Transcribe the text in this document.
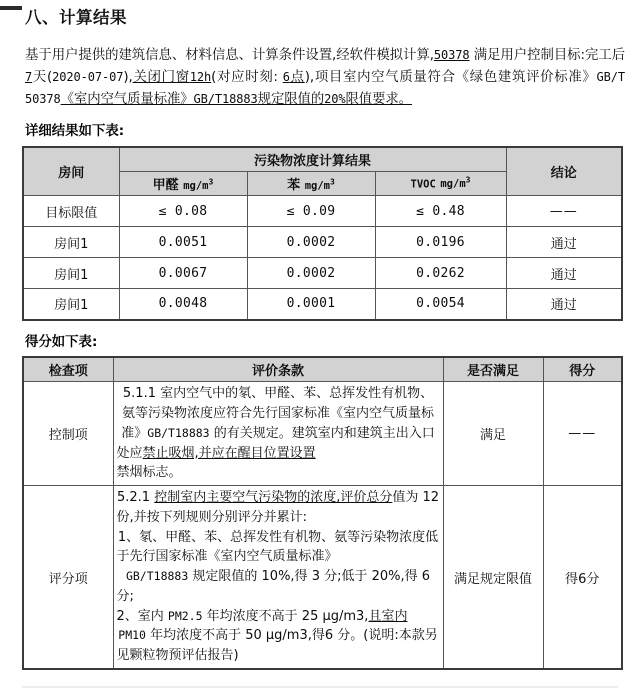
八、计算结果

基于用户提供的建筑信息、材料信息、计算条件设置,经软件模拟计算,50378 满足用户控制目标:完工后 7天(2020-07-07),关闭门窗12h(对应时刻: 6点),项目室内空气质量符合《绿色建筑评价标准》GB/T 50378《室内空气质量标准》GB/T18883规定限值的20%限值要求。

详细结果如下表:

房间	污染物浓度计算结果			结论
	甲醛 $mg/m^3$	苯 $mg/m^3$	TVOC $mg/m^3$
目标限值	≤ 0.08	≤ 0.09	≤ 0.48	——
房间1	0.0051	0.0002	0.0196	通过
房间1	0.0067	0.0002	0.0262	通过
房间1	0.0048	0.0001	0.0054	通过

得分如下表:

检查项	评价条款	是否满足	得分
控制项	5.1.1 室内空气中的氡、甲醛、苯、总挥发性有机物、氨等污染物浓度应符合先行国家标准《室内空气质量标准》GB/T18883 的有关规定。建筑室内和建筑主出入口处应禁止吸烟,并应在醒目位置设置
禁烟标志。	满足	——
评分项	5.2.1 控制室内主要空气污染物的浓度,评价总分值为 12 份,并按下列规则分别评分并累计:
1、氡、甲醛、苯、总挥发性有机物、氨等污染物浓度低于先行国家标准《室内空气质量标准》
GB/T18883 规定限值的 10%,得 3 分;低于 20%,得 6 分;
2、室内 PM2.5 年均浓度不高于 25 μg/m3,且室内
PM10 年均浓度不高于 50 μg/m3,得6 分。(说明:本款另见颗粒物预评估报告)	满足规定限值	得6分
